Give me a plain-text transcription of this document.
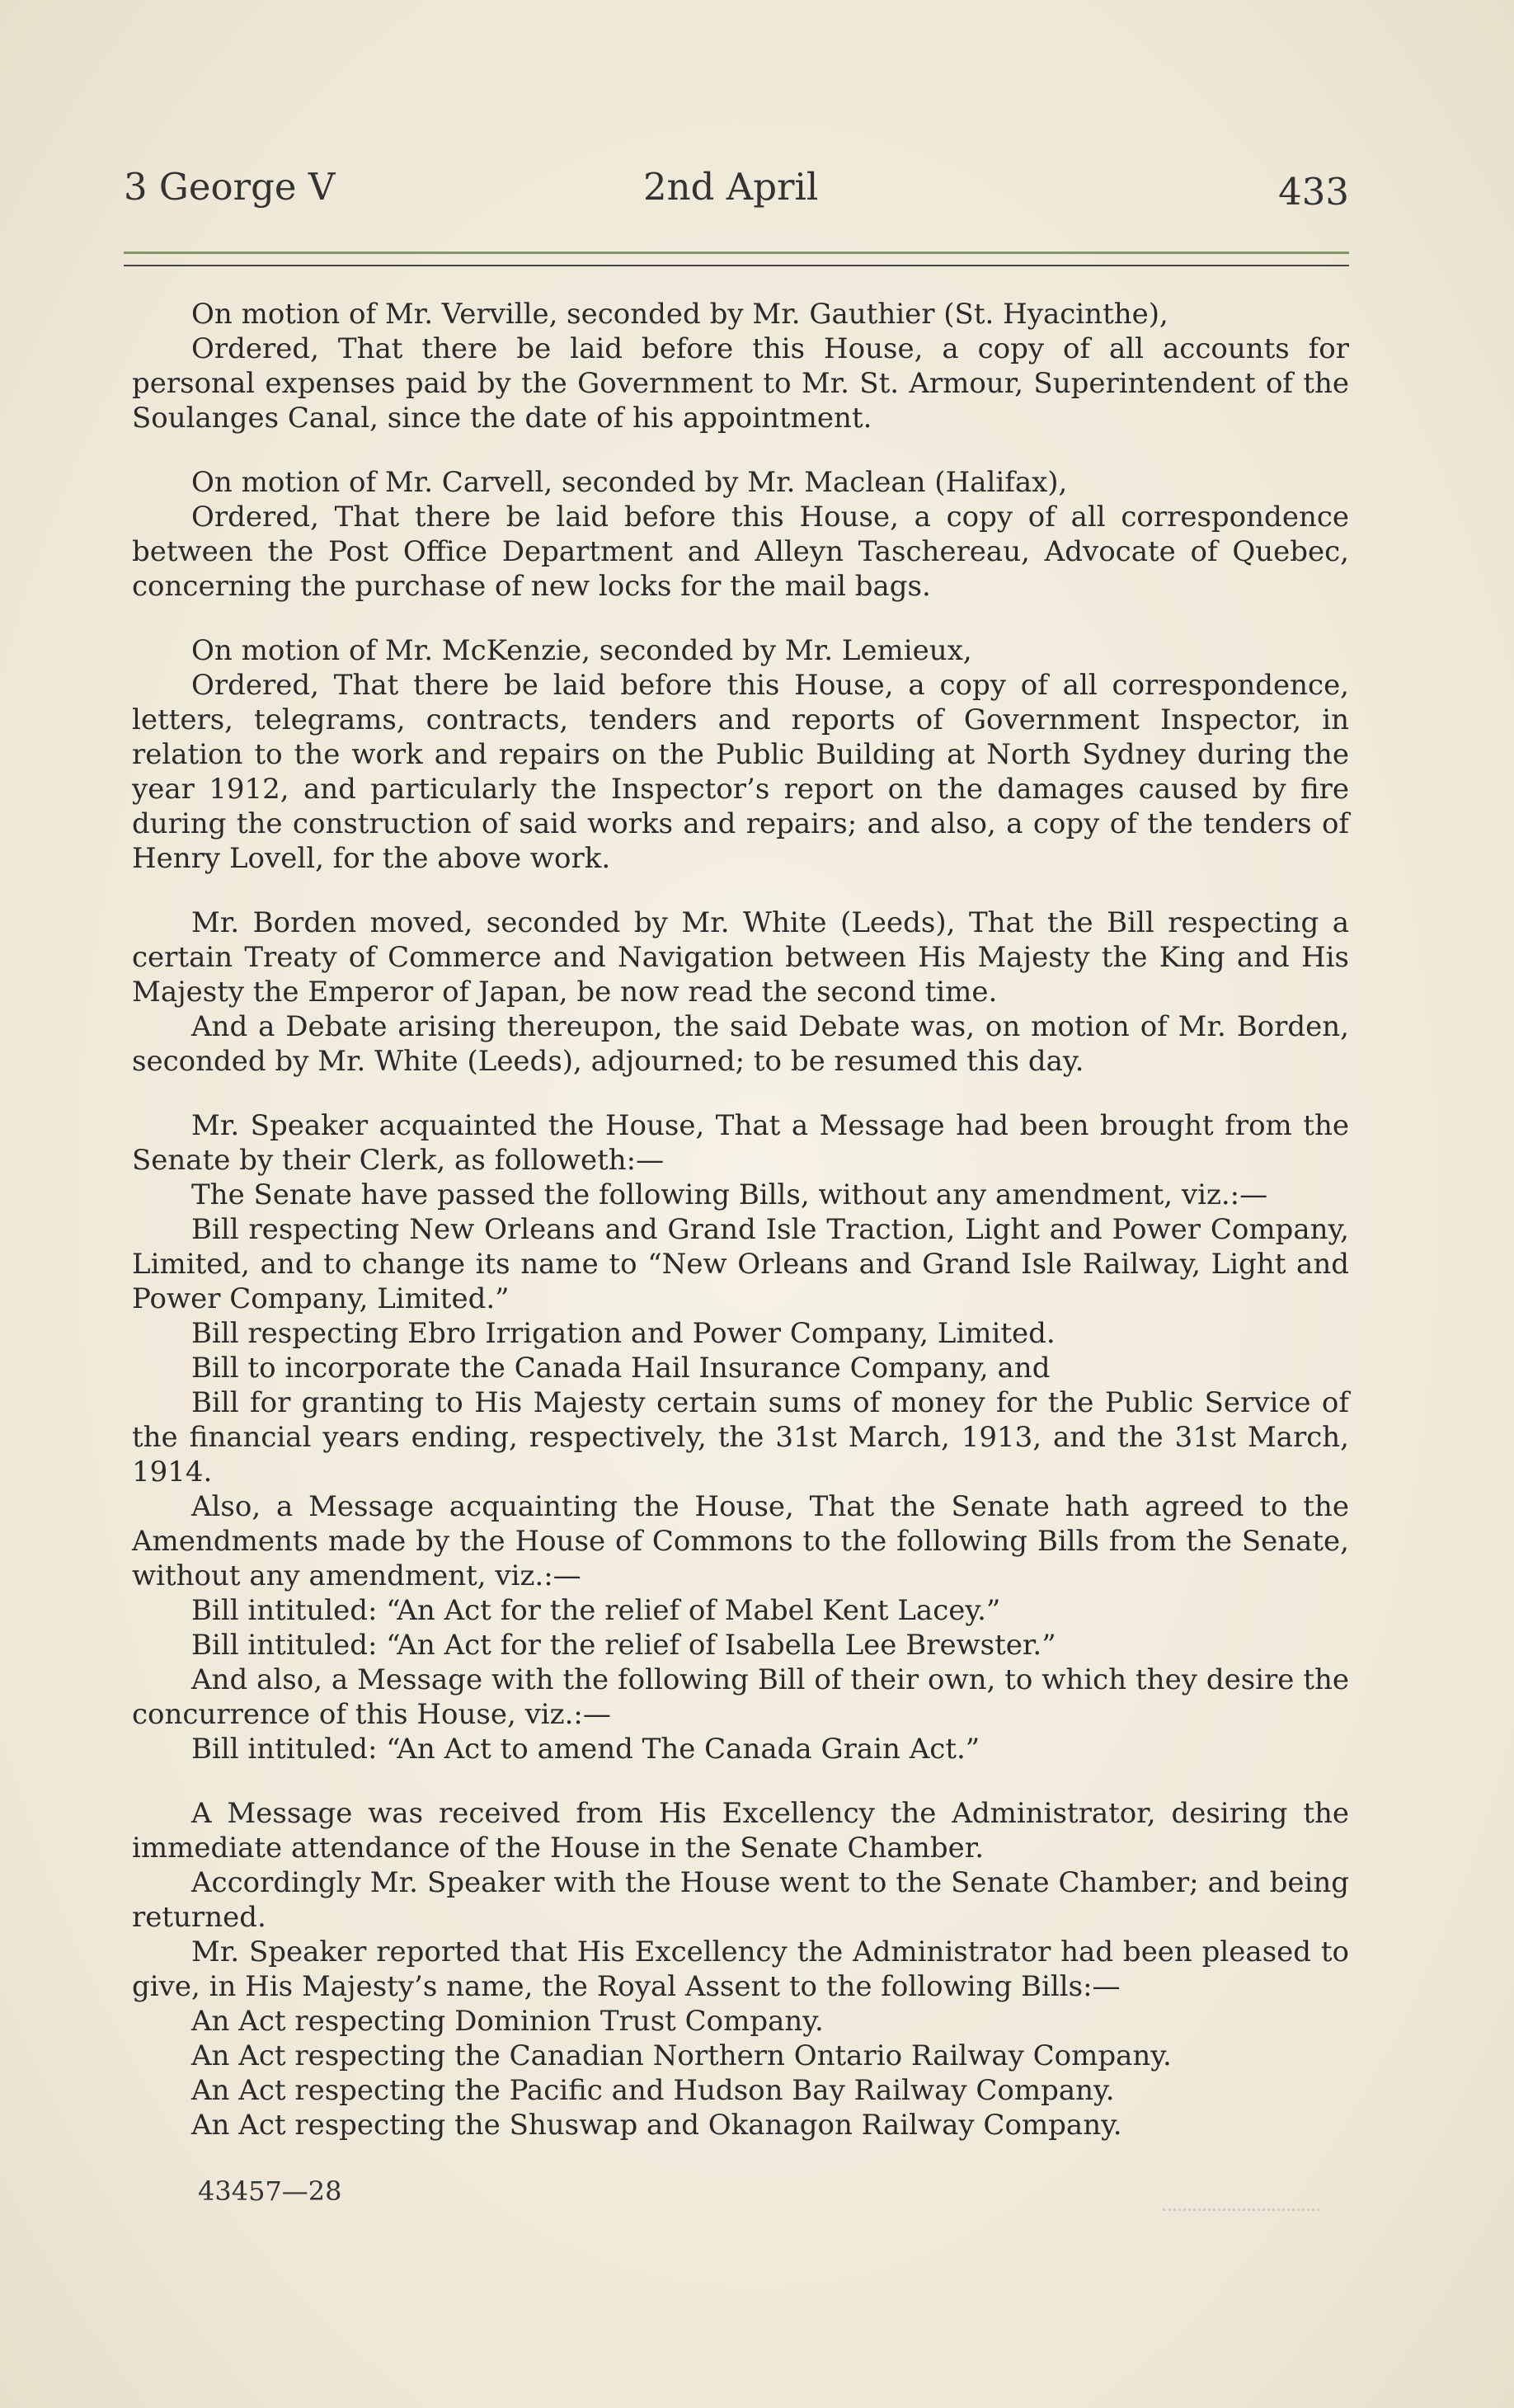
3 George V	2nd April	433

On motion of Mr. Verville, seconded by Mr. Gauthier (St. Hyacinthe),

Ordered, That there be laid before this House, a copy of all accounts for personal expenses paid by the Government to Mr. St. Armour, Superintendent of the Soulanges Canal, since the date of his appointment.

On motion of Mr. Carvell, seconded by Mr. Maclean (Halifax),

Ordered, That there be laid before this House, a copy of all correspondence between the Post Office Department and Alleyn Taschereau, Advocate of Quebec, concerning the purchase of new locks for the mail bags.

On motion of Mr. McKenzie, seconded by Mr. Lemieux,

Ordered, That there be laid before this House, a copy of all correspondence, letters, telegrams, contracts, tenders and reports of Government Inspector, in relation to the work and repairs on the Public Building at North Sydney during the year 1912, and particularly the Inspector’s report on the damages caused by fire during the construction of said works and repairs; and also, a copy of the tenders of Henry Lovell, for the above work.

Mr. Borden moved, seconded by Mr. White (Leeds), That the Bill respecting a certain Treaty of Commerce and Navigation between His Majesty the King and His Majesty the Emperor of Japan, be now read the second time.

And a Debate arising thereupon, the said Debate was, on motion of Mr. Borden, seconded by Mr. White (Leeds), adjourned; to be resumed this day.

Mr. Speaker acquainted the House, That a Message had been brought from the Senate by their Clerk, as followeth:—

The Senate have passed the following Bills, without any amendment, viz.:—

Bill respecting New Orleans and Grand Isle Traction, Light and Power Company, Limited, and to change its name to “New Orleans and Grand Isle Railway, Light and Power Company, Limited.”

Bill respecting Ebro Irrigation and Power Company, Limited.

Bill to incorporate the Canada Hail Insurance Company, and

Bill for granting to His Majesty certain sums of money for the Public Service of the financial years ending, respectively, the 31st March, 1913, and the 31st March, 1914.

Also, a Message acquainting the House, That the Senate hath agreed to the Amendments made by the House of Commons to the following Bills from the Senate, without any amendment, viz.:—

Bill intituled: “An Act for the relief of Mabel Kent Lacey.”

Bill intituled: “An Act for the relief of Isabella Lee Brewster.”

And also, a Message with the following Bill of their own, to which they desire the concurrence of this House, viz.:—

Bill intituled: “An Act to amend The Canada Grain Act.”

A Message was received from His Excellency the Administrator, desiring the immediate attendance of the House in the Senate Chamber.

Accordingly Mr. Speaker with the House went to the Senate Chamber; and being returned.

Mr. Speaker reported that His Excellency the Administrator had been pleased to give, in His Majesty’s name, the Royal Assent to the following Bills:—

An Act respecting Dominion Trust Company.

An Act respecting the Canadian Northern Ontario Railway Company.

An Act respecting the Pacific and Hudson Bay Railway Company.

An Act respecting the Shuswap and Okanagon Railway Company.

43457—28
